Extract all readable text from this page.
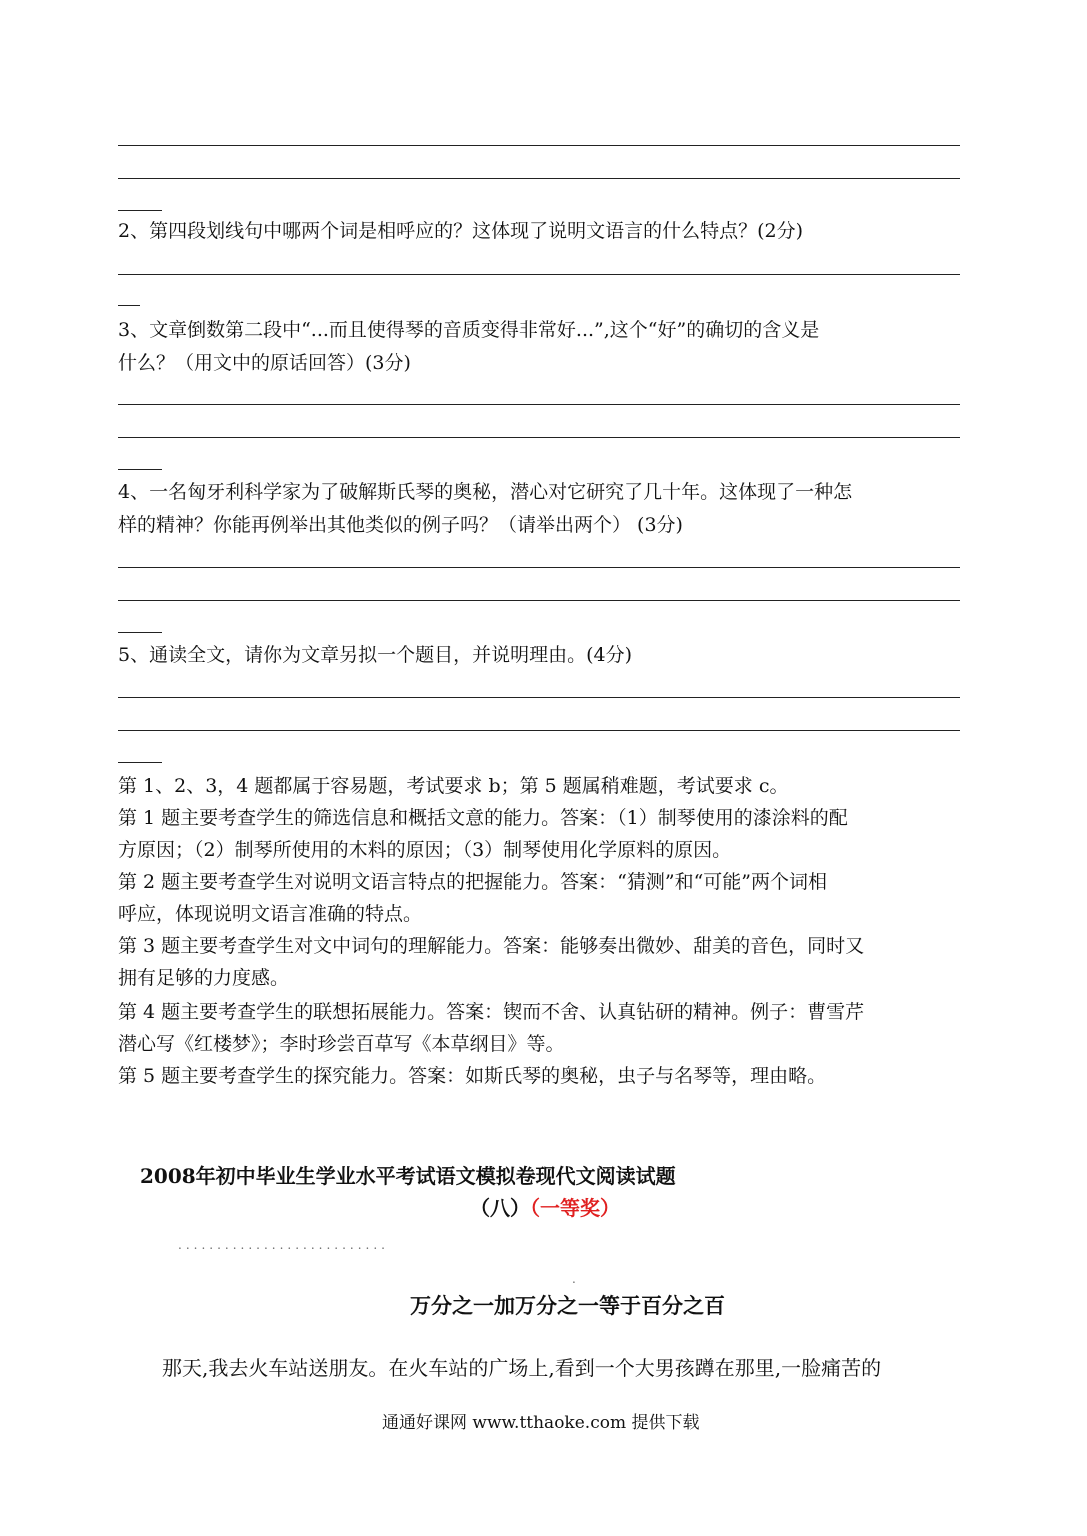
2、第四段划线句中哪两个词是相呼应的？这体现了说明文语言的什么特点？(2分)
3、文章倒数第二段中“...而且使得琴的音质变得非常好...”,这个“好”的确切的含义是
什么？（用文中的原话回答）(3分)
4、一名匈牙利科学家为了破解斯氏琴的奥秘，潜心对它研究了几十年。这体现了一种怎
样的精神？你能再例举出其他类似的例子吗？（请举出两个） (3分)
5、通读全文，请你为文章另拟一个题目，并说明理由。(4分)
第 1、2、3，4 题都属于容易题，考试要求 b；第 5 题属稍难题，考试要求 c。
第 1 题主要考查学生的筛选信息和概括文意的能力。答案：（1）制琴使用的漆涂料的配
方原因；（2）制琴所使用的木料的原因；（3）制琴使用化学原料的原因。
第 2 题主要考查学生对说明文语言特点的把握能力。答案：“猜测”和“可能”两个词相
呼应，体现说明文语言准确的特点。
第 3 题主要考查学生对文中词句的理解能力。答案：能够奏出微妙、甜美的音色，同时又
拥有足够的力度感。
第 4 题主要考查学生的联想拓展能力。答案：锲而不舍、认真钻研的精神。例子：曹雪芹
潜心写《红楼梦》；李时珍尝百草写《本草纲目》等。
第 5 题主要考查学生的探究能力。答案：如斯氏琴的奥秘，虫子与名琴等，理由略。
2008年初中毕业生学业水平考试语文模拟卷现代文阅读试题
（八）（一等奖）
...........................
.
万分之一加万分之一等于百分之百
那天,我去火车站送朋友。在火车站的广场上,看到一个大男孩蹲在那里,一脸痛苦的
通通好课网 www.tthaoke.com 提供下载
